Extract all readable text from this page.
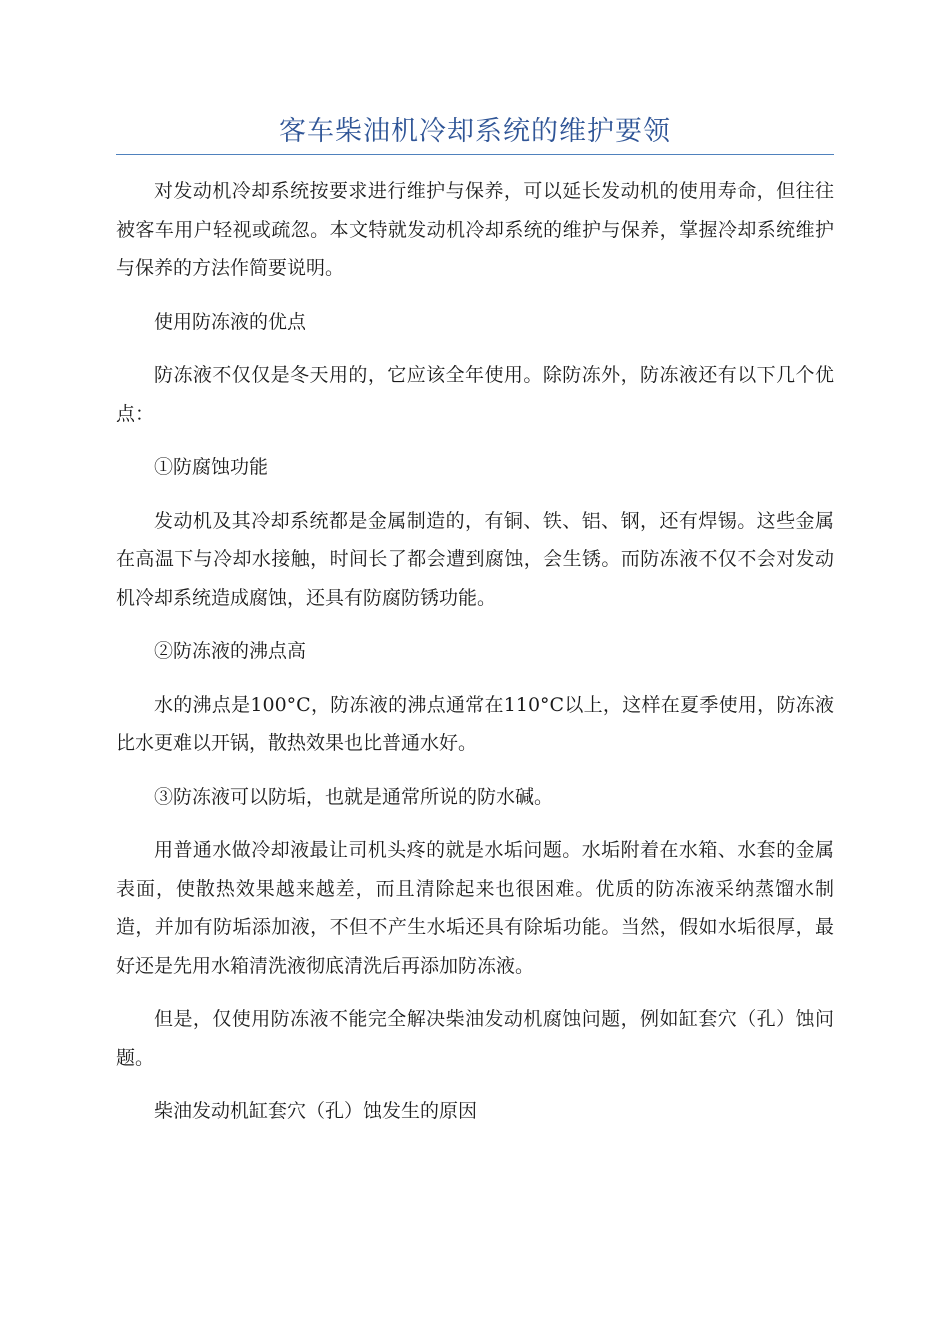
客车柴油机冷却系统的维护要领

对发动机冷却系统按要求进行维护与保养，可以延长发动机的使用寿命，但往往被客车用户轻视或疏忽。本文特就发动机冷却系统的维护与保养，掌握冷却系统维护与保养的方法作简要说明。

使用防冻液的优点

防冻液不仅仅是冬天用的，它应该全年使用。除防冻外，防冻液还有以下几个优点：

①防腐蚀功能

发动机及其冷却系统都是金属制造的，有铜、铁、铝、钢，还有焊锡。这些金属在高温下与冷却水接触，时间长了都会遭到腐蚀，会生锈。而防冻液不仅不会对发动机冷却系统造成腐蚀，还具有防腐防锈功能。

②防冻液的沸点高

水的沸点是100°C，防冻液的沸点通常在110°C以上，这样在夏季使用，防冻液比水更难以开锅，散热效果也比普通水好。

③防冻液可以防垢，也就是通常所说的防水碱。

用普通水做冷却液最让司机头疼的就是水垢问题。水垢附着在水箱、水套的金属表面，使散热效果越来越差，而且清除起来也很困难。优质的防冻液采纳蒸馏水制造，并加有防垢添加液，不但不产生水垢还具有除垢功能。当然，假如水垢很厚，最好还是先用水箱清洗液彻底清洗后再添加防冻液。

但是，仅使用防冻液不能完全解决柴油发动机腐蚀问题，例如缸套穴（孔）蚀问题。

柴油发动机缸套穴（孔）蚀发生的原因
